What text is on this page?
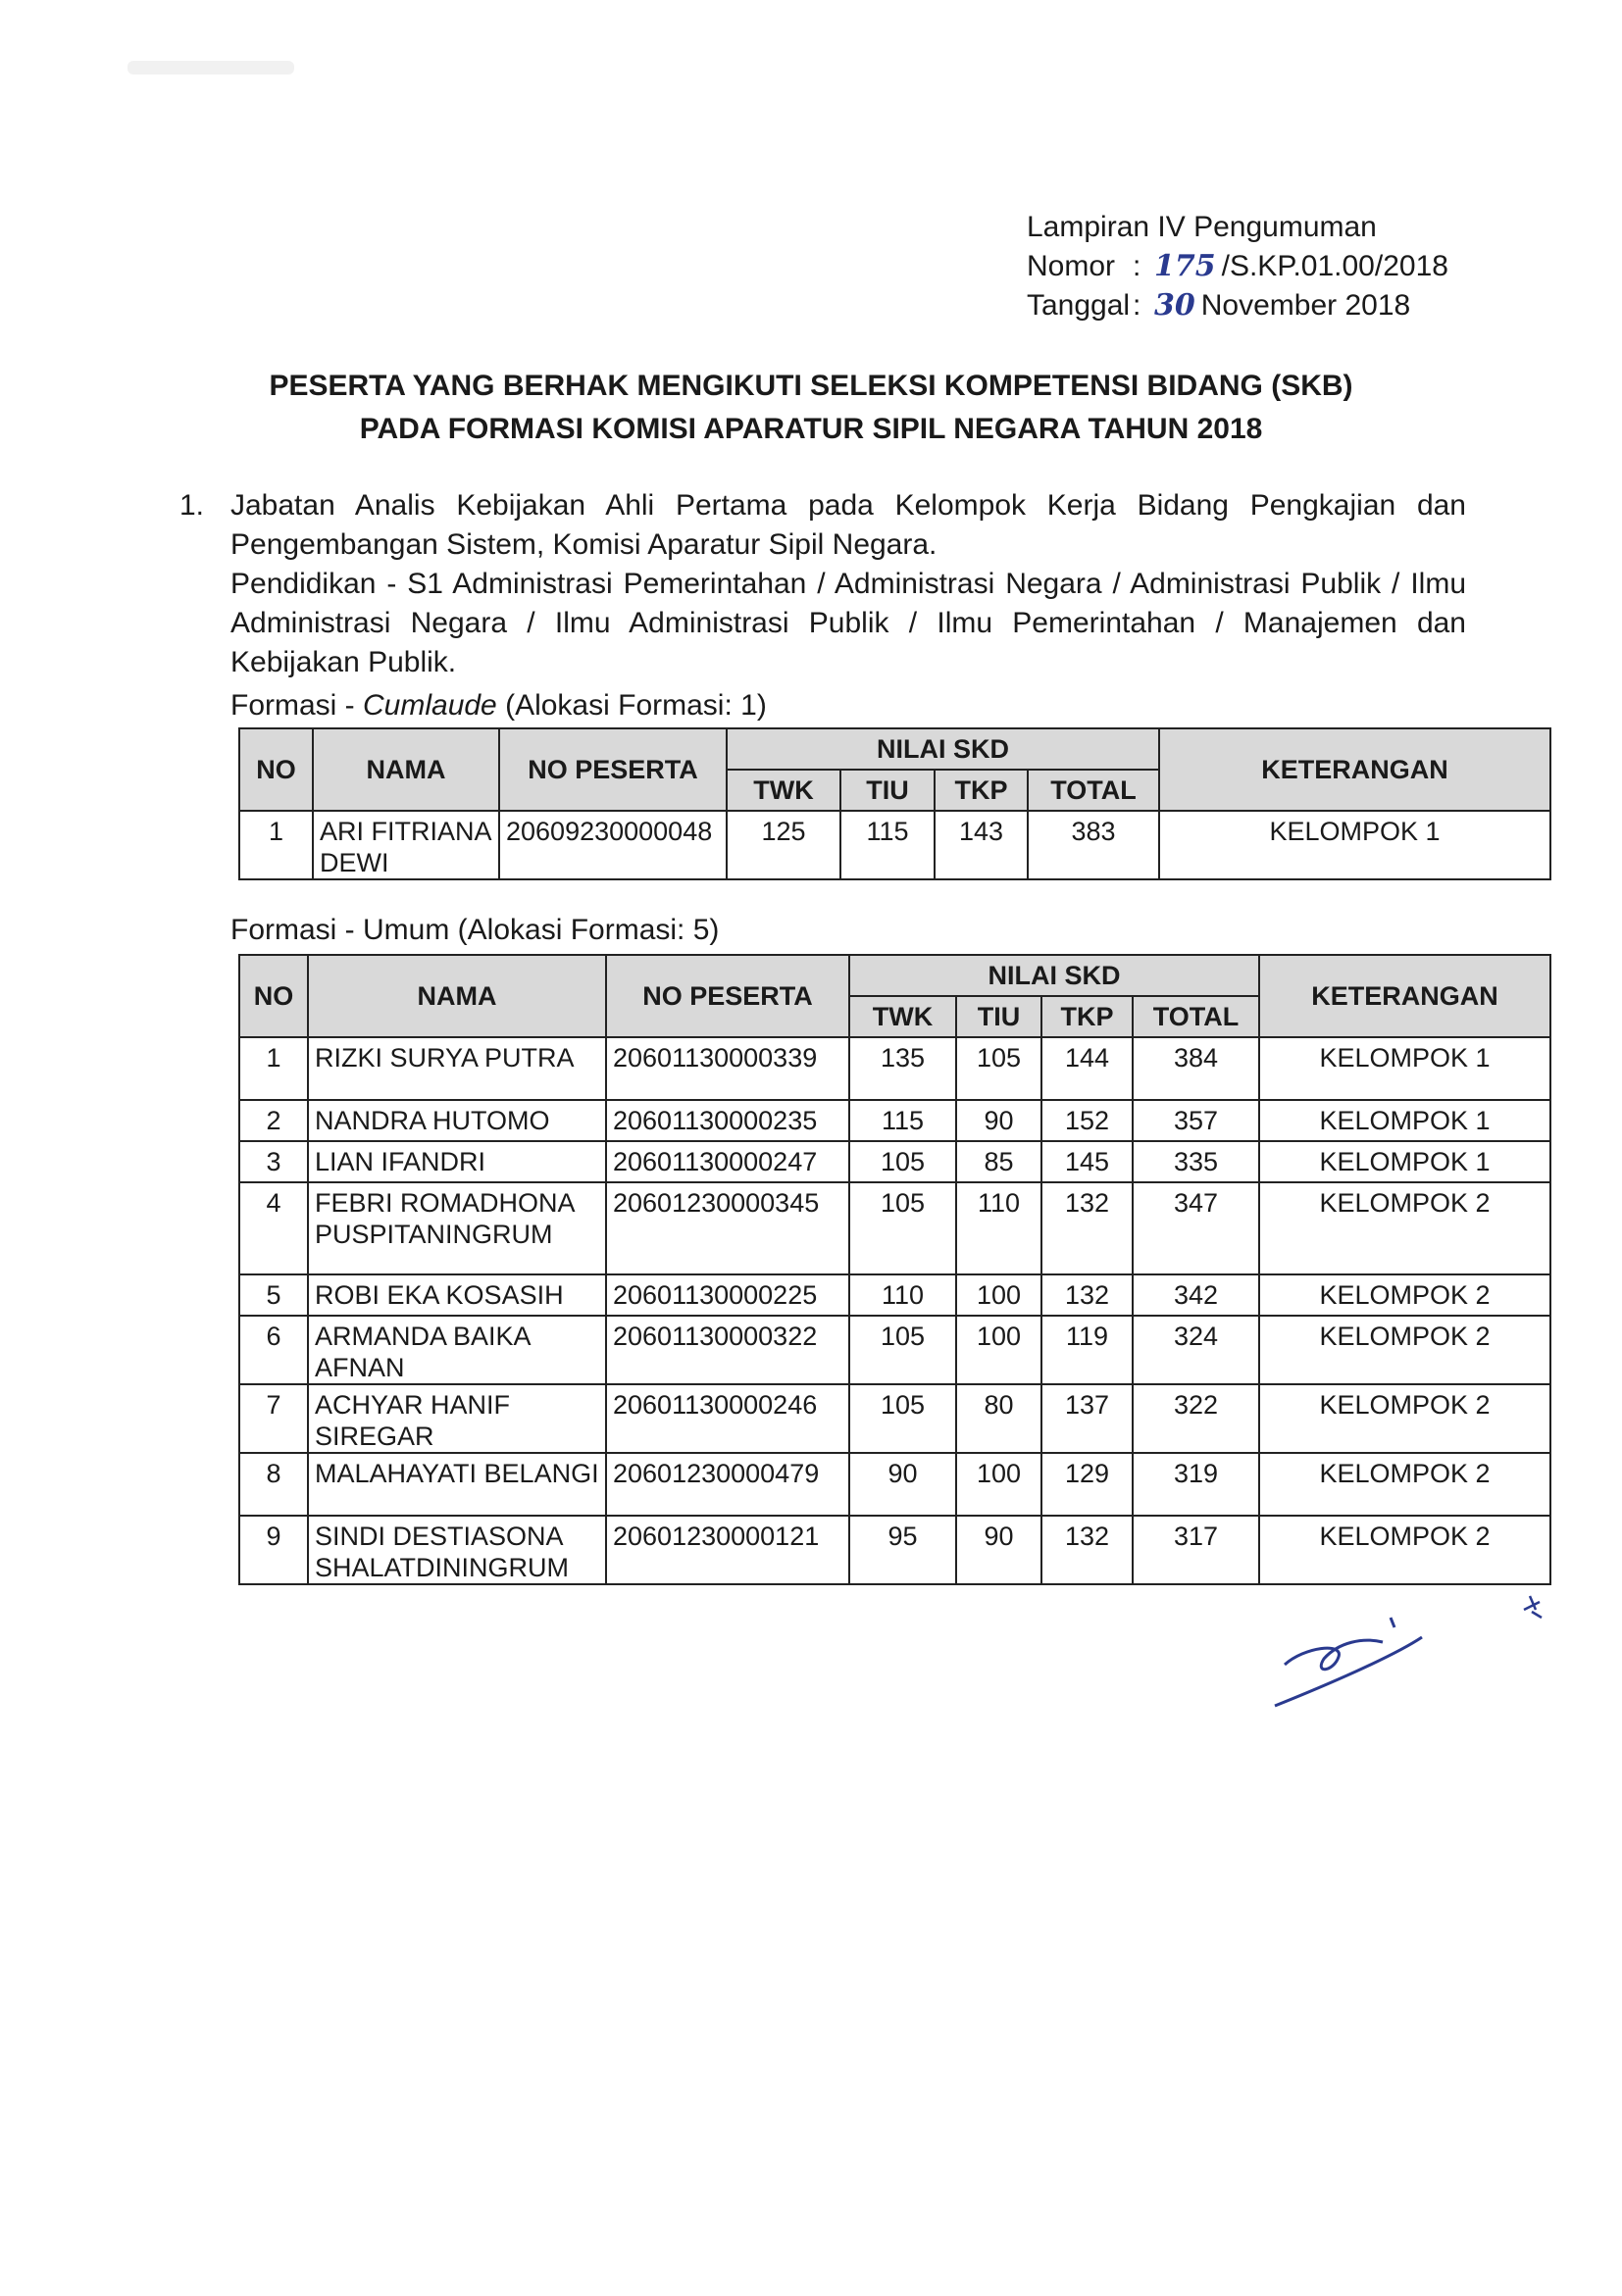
Lampiran IV Pengumuman
Nomor : 175 /S.KP.01.00/2018
Tanggal : 30 November 2018
PESERTA YANG BERHAK MENGIKUTI SELEKSI KOMPETENSI BIDANG (SKB)
PADA FORMASI KOMISI APARATUR SIPIL NEGARA TAHUN 2018
1. Jabatan Analis Kebijakan Ahli Pertama pada Kelompok Kerja Bidang Pengkajian dan Pengembangan Sistem, Komisi Aparatur Sipil Negara.

Pendidikan - S1 Administrasi Pemerintahan / Administrasi Negara / Administrasi Publik / Ilmu Administrasi Negara / Ilmu Administrasi Publik / Ilmu Pemerintahan / Manajemen dan Kebijakan Publik.

Formasi - Cumlaude (Alokasi Formasi: 1)
NO	NAMA	NO PESERTA	NILAI SKD				KETERANGAN
			TWK	TIU	TKP	TOTAL	
1	ARI FITRIANA DEWI	20609230000048	125	115	143	383	KELOMPOK 1
Formasi - Umum (Alokasi Formasi: 5)
NO	NAMA	NO PESERTA	NILAI SKD				KETERANGAN
			TWK	TIU	TKP	TOTAL	
1	RIZKI SURYA PUTRA	20601130000339	135	105	144	384	KELOMPOK 1
2	NANDRA HUTOMO	20601130000235	115	90	152	357	KELOMPOK 1
3	LIAN IFANDRI	20601130000247	105	85	145	335	KELOMPOK 1
4	FEBRI ROMADHONA PUSPITANINGRUM	20601230000345	105	110	132	347	KELOMPOK 2
5	ROBI EKA KOSASIH	20601130000225	110	100	132	342	KELOMPOK 2
6	ARMANDA BAIKA AFNAN	20601130000322	105	100	119	324	KELOMPOK 2
7	ACHYAR HANIF SIREGAR	20601130000246	105	80	137	322	KELOMPOK 2
8	MALAHAYATI BELANGI	20601230000479	90	100	129	319	KELOMPOK 2
9	SINDI DESTIASONA SHALATDININGRUM	20601230000121	95	90	132	317	KELOMPOK 2
